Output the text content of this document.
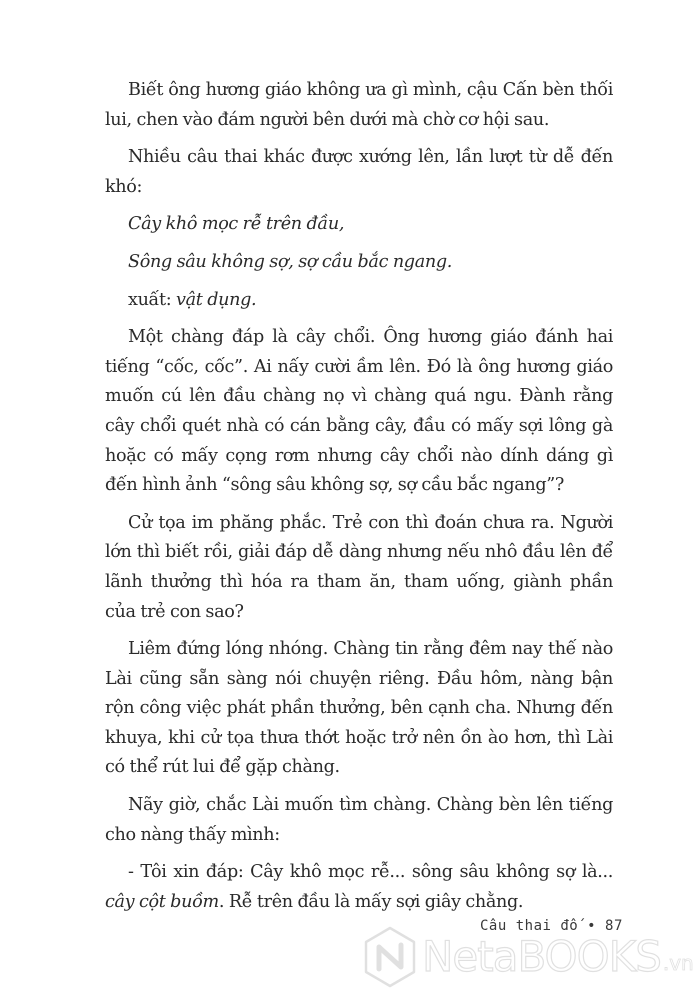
Biết ông hương giáo không ưa gì mình, cậu Cấn bèn thối lui, chen vào đám người bên dưới mà chờ cơ hội sau.

Nhiều câu thai khác được xướng lên, lần lượt từ dễ đến khó:

Cây khô mọc rễ trên đầu,

Sông sâu không sợ, sợ cầu bắc ngang.

xuất: vật dụng.

Một chàng đáp là cây chổi. Ông hương giáo đánh hai tiếng “cốc, cốc”. Ai nấy cười ầm lên. Đó là ông hương giáo muốn cú lên đầu chàng nọ vì chàng quá ngu. Đành rằng cây chổi quét nhà có cán bằng cây, đầu có mấy sợi lông gà hoặc có mấy cọng rơm nhưng cây chổi nào dính dáng gì đến hình ảnh “sông sâu không sợ, sợ cầu bắc ngang”?

Cử tọa im phăng phắc. Trẻ con thì đoán chưa ra. Người lớn thì biết rồi, giải đáp dễ dàng nhưng nếu nhô đầu lên để lãnh thưởng thì hóa ra tham ăn, tham uống, giành phần của trẻ con sao?

Liêm đứng lóng nhóng. Chàng tin rằng đêm nay thế nào Lài cũng sẵn sàng nói chuyện riêng. Đầu hôm, nàng bận rộn công việc phát phần thưởng, bên cạnh cha. Nhưng đến khuya, khi cử tọa thưa thớt hoặc trở nên ồn ào hơn, thì Lài có thể rút lui để gặp chàng.

Nãy giờ, chắc Lài muốn tìm chàng. Chàng bèn lên tiếng cho nàng thấy mình:

- Tôi xin đáp: Cây khô mọc rễ... sông sâu không sợ là... cây cột buồm. Rễ trên đầu là mấy sợi giây chằng.

Câu thai đố • 87
NetaBOOKS .vn
